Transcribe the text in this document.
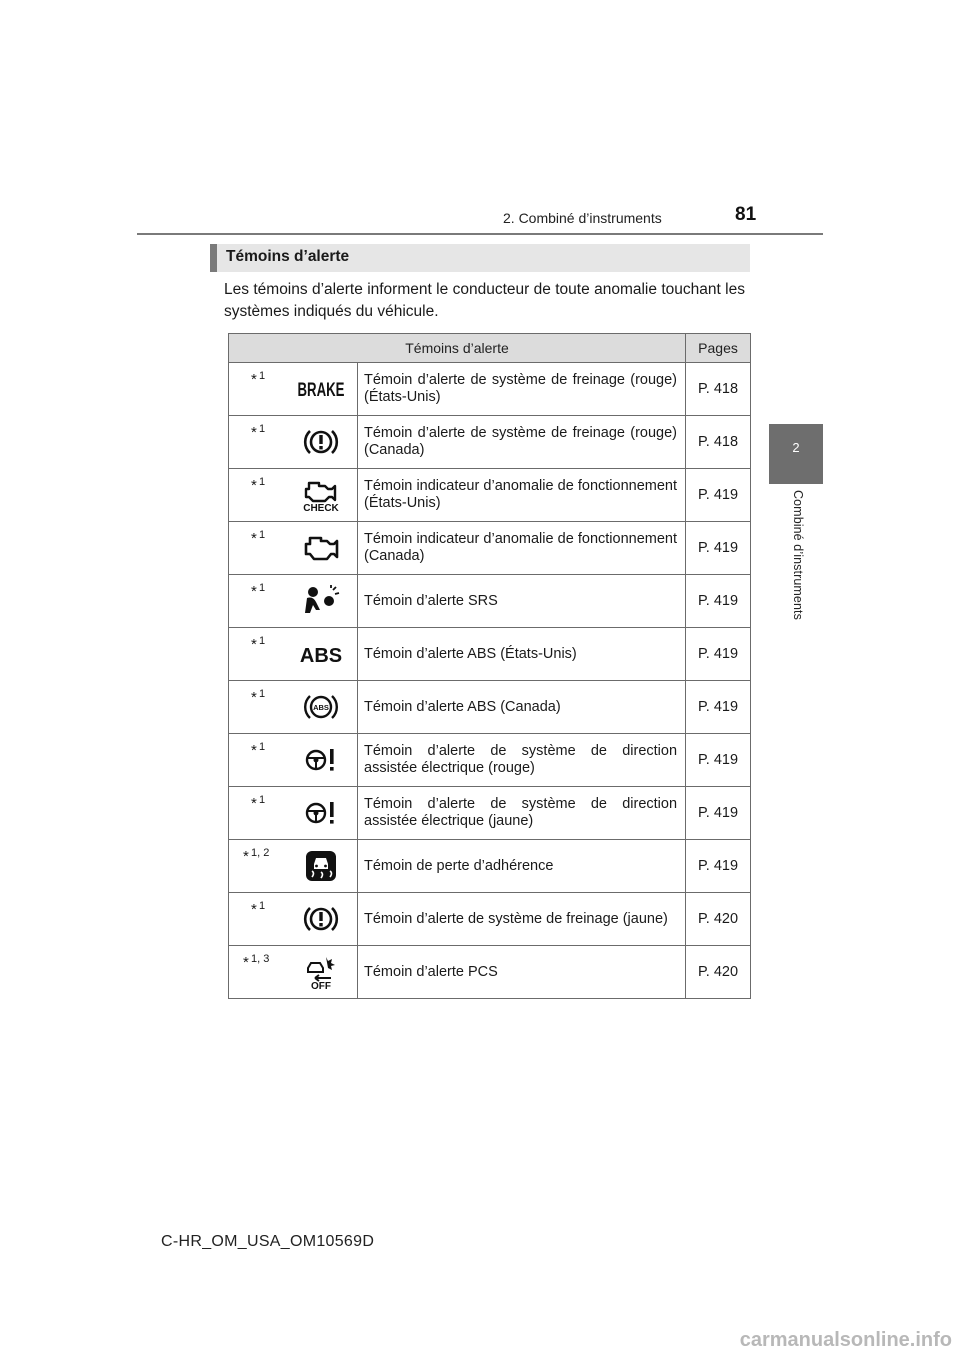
2. Combiné d’instruments	81
2
Combiné d’instruments
Témoins d’alerte
Les témoins d’alerte informent le conducteur de toute anomalie touchant les systèmes indiqués du véhicule.
Témoins d’alerte			Pages

* 1	BRAKE	Témoin d’alerte de système de freinage (rouge) (États-Unis)	P. 418

* 1		Témoin d’alerte de système de freinage (rouge) (Canada)	P. 418

* 1	CHECK	Témoin indicateur d’anomalie de fonctionnement (États-Unis)	P. 419

* 1		Témoin indicateur d’anomalie de fonctionnement (Canada)	P. 419

* 1		Témoin d’alerte SRS	P. 419

* 1	ABS	Témoin d’alerte ABS (États-Unis)	P. 419

* 1	ABS	Témoin d’alerte ABS (Canada)	P. 419

* 1		Témoin d’alerte de système de direction assistée électrique (rouge)	P. 419

* 1		Témoin d’alerte de système de direction assistée électrique (jaune)	P. 419

* 1, 2		Témoin de perte d’adhérence	P. 419

* 1		Témoin d’alerte de système de freinage (jaune)	P. 420

* 1, 3	OFF	Témoin d’alerte PCS	P. 420
C-HR_OM_USA_OM10569D
carmanualsonline.info
